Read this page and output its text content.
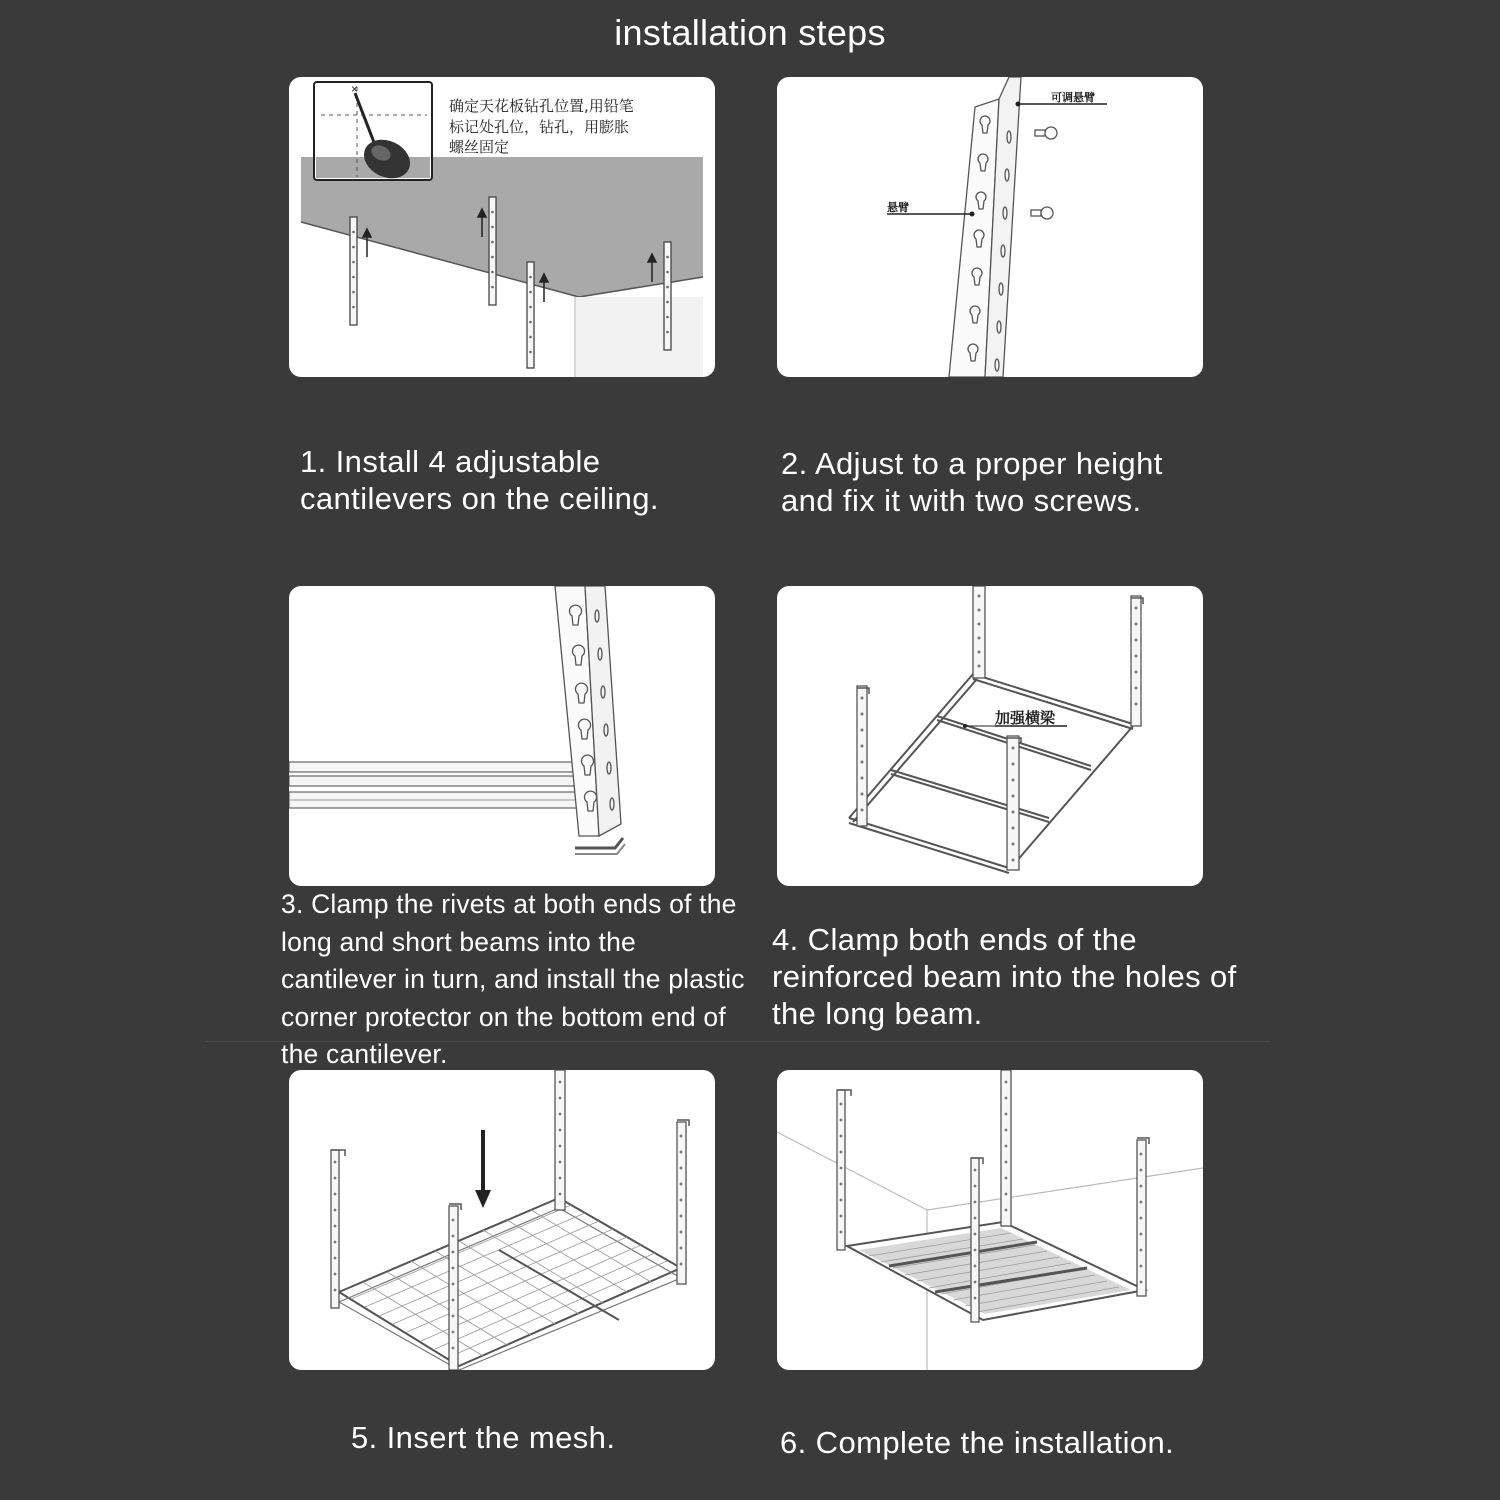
installation steps
×
确定天花板钻孔位置,用铅笔
标记处孔位，钻孔，用膨胀
螺丝固定
可调悬臂
悬臂
加强横梁
1. Install 4 adjustable cantilevers on the ceiling.
2. Adjust to a proper height and fix it with two screws.
3. Clamp the rivets at both ends of the long and short beams into the cantilever in turn, and install the plastic corner protector on the bottom end of the cantilever.
4. Clamp both ends of the reinforced beam into the holes of the long beam.
5. Insert the mesh.	6. Complete the installation.
